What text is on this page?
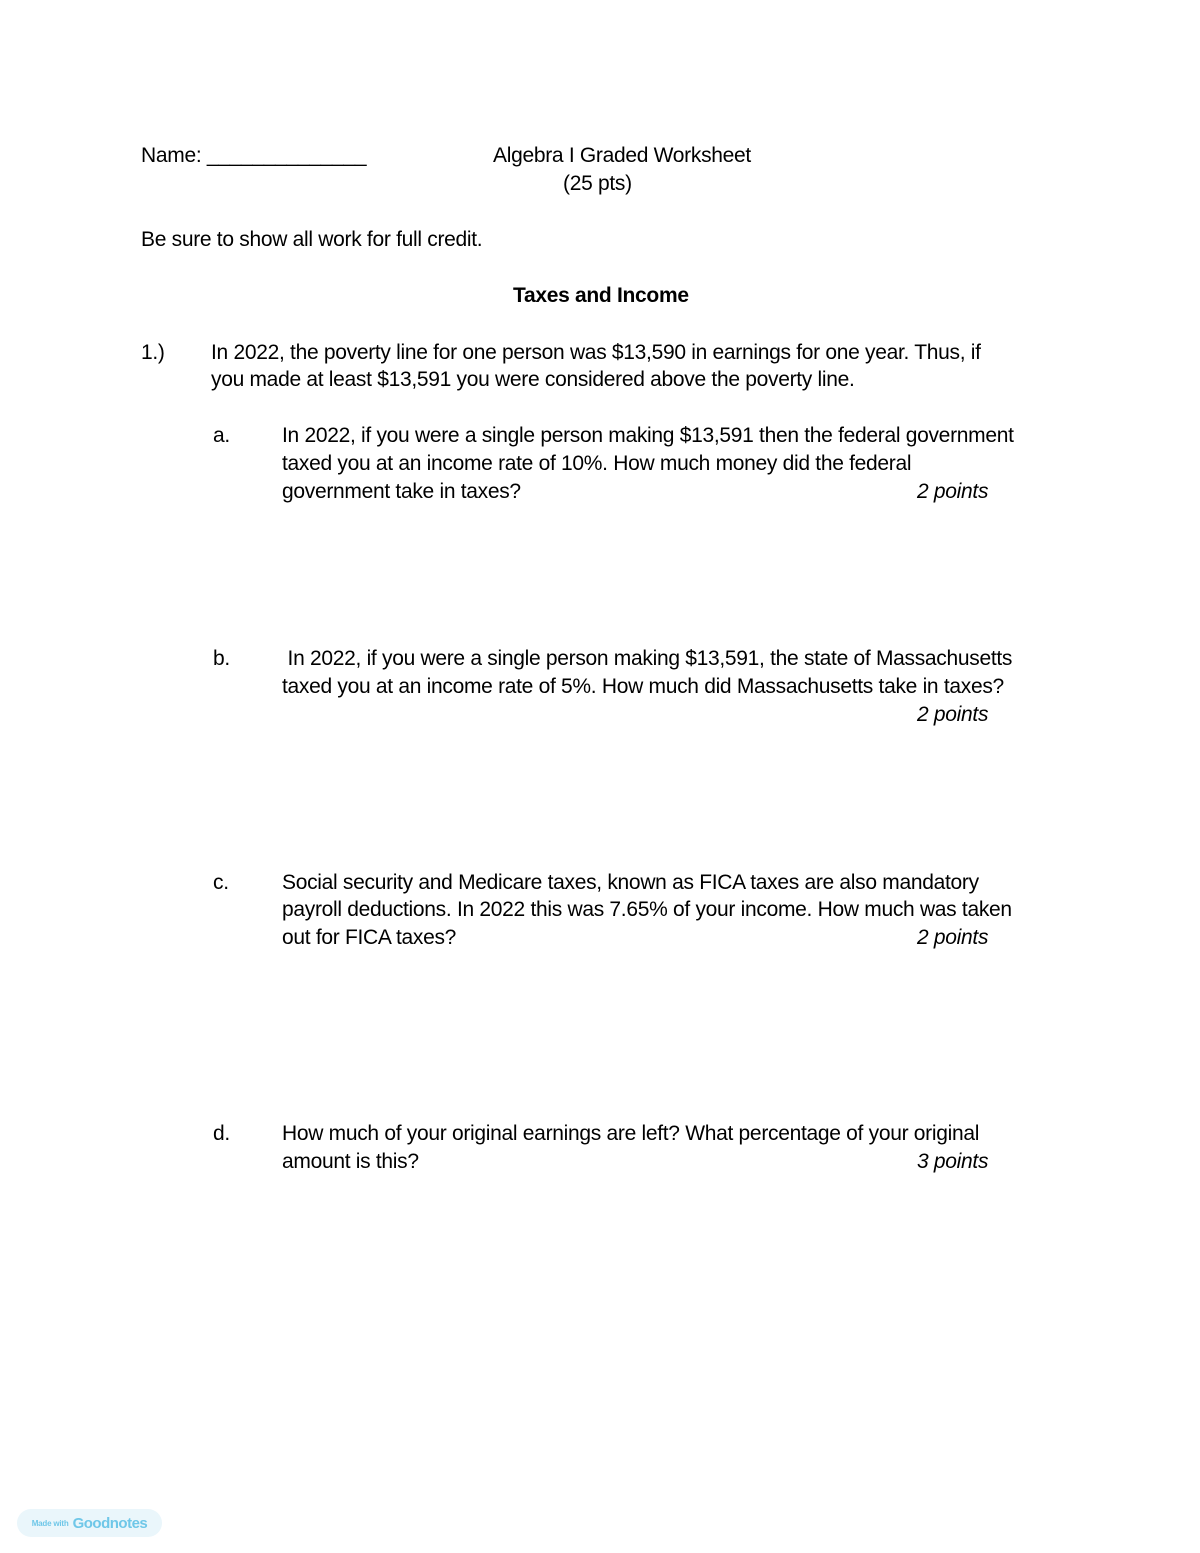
Name: ______________	Algebra I Graded Worksheet
(25 pts)
Be sure to show all work for full credit.
Taxes and Income
1.) In 2022, the poverty line for one person was $13,590 in earnings for one year. Thus, if
you made at least $13,591 you were considered above the poverty line.
a. In 2022, if you were a single person making $13,591 then the federal government
taxed you at an income rate of 10%. How much money did the federal
government take in taxes?	2 points
b. In 2022, if you were a single person making $13,591, the state of Massachusetts
taxed you at an income rate of 5%. How much did Massachusetts take in taxes?
2 points
c.	Social security and Medicare taxes, known as FICA taxes are also mandatory
payroll deductions. In 2022 this was 7.65% of your income. How much was taken
out for FICA taxes?	2 points
d. How much of your original earnings are left? What percentage of your original
amount is this?	3 points
Made with Goodnotes
